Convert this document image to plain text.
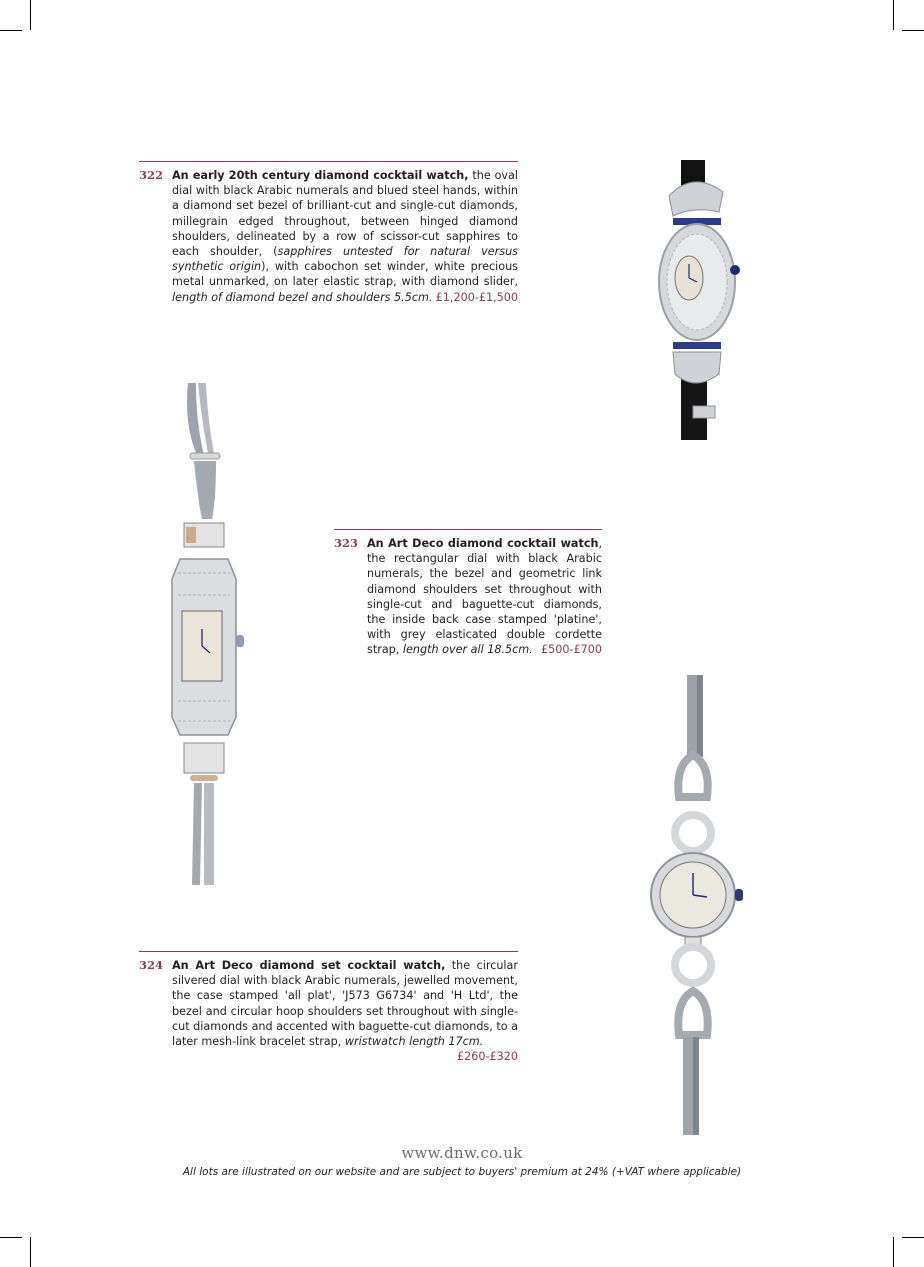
322 An early 20th century diamond cocktail watch, the oval dial with black Arabic numerals and blued steel hands, within a diamond set bezel of brilliant-cut and single-cut diamonds, millegrain edged throughout, between hinged diamond shoulders, delineated by a row of scissor-cut sapphires to each shoulder, (sapphires untested for natural versus synthetic origin), with cabochon set winder, white precious metal unmarked, on later elastic strap, with diamond slider, length of diamond bezel and shoulders 5.5cm. £1,200-£1,500
323 An Art Deco diamond cocktail watch, the rectangular dial with black Arabic numerals, the bezel and geometric link diamond shoulders set throughout with single-cut and baguette-cut diamonds, the inside back case stamped 'platine', with grey elasticated double cordette strap, length over all 18.5cm. £500-£700
324 An Art Deco diamond set cocktail watch, the circular silvered dial with black Arabic numerals, jewelled movement, the case stamped 'all plat', 'J573 G6734' and 'H Ltd', the bezel and circular hoop shoulders set throughout with single-cut diamonds and accented with baguette-cut diamonds, to a later mesh-link bracelet strap, wristwatch length 17cm.
£260-£320
www.dnw.co.uk
All lots are illustrated on our website and are subject to buyers' premium at 24% (+VAT where applicable)
